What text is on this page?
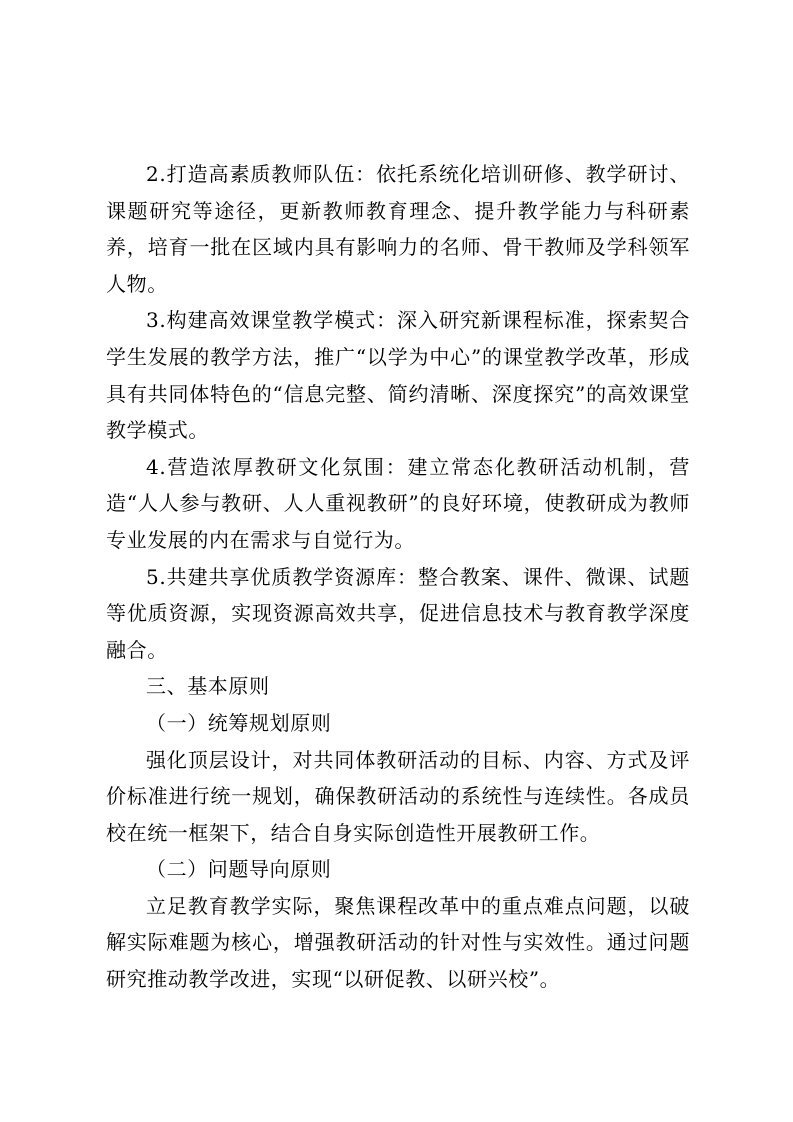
2.打造高素质教师队伍：依托系统化培训研修、教学研讨、课题研究等途径，更新教师教育理念、提升教学能力与科研素养，培育一批在区域内具有影响力的名师、骨干教师及学科领军人物。

3.构建高效课堂教学模式：深入研究新课程标准，探索契合学生发展的教学方法，推广“以学为中心”的课堂教学改革，形成具有共同体特色的“信息完整、简约清晰、深度探究”的高效课堂教学模式。

4.营造浓厚教研文化氛围：建立常态化教研活动机制，营造“人人参与教研、人人重视教研”的良好环境，使教研成为教师专业发展的内在需求与自觉行为。

5.共建共享优质教学资源库：整合教案、课件、微课、试题等优质资源，实现资源高效共享，促进信息技术与教育教学深度融合。

三、基本原则

（一）统筹规划原则

强化顶层设计，对共同体教研活动的目标、内容、方式及评价标准进行统一规划，确保教研活动的系统性与连续性。各成员校在统一框架下，结合自身实际创造性开展教研工作。

（二）问题导向原则

立足教育教学实际，聚焦课程改革中的重点难点问题，以破解实际难题为核心，增强教研活动的针对性与实效性。通过问题研究推动教学改进，实现“以研促教、以研兴校”。
